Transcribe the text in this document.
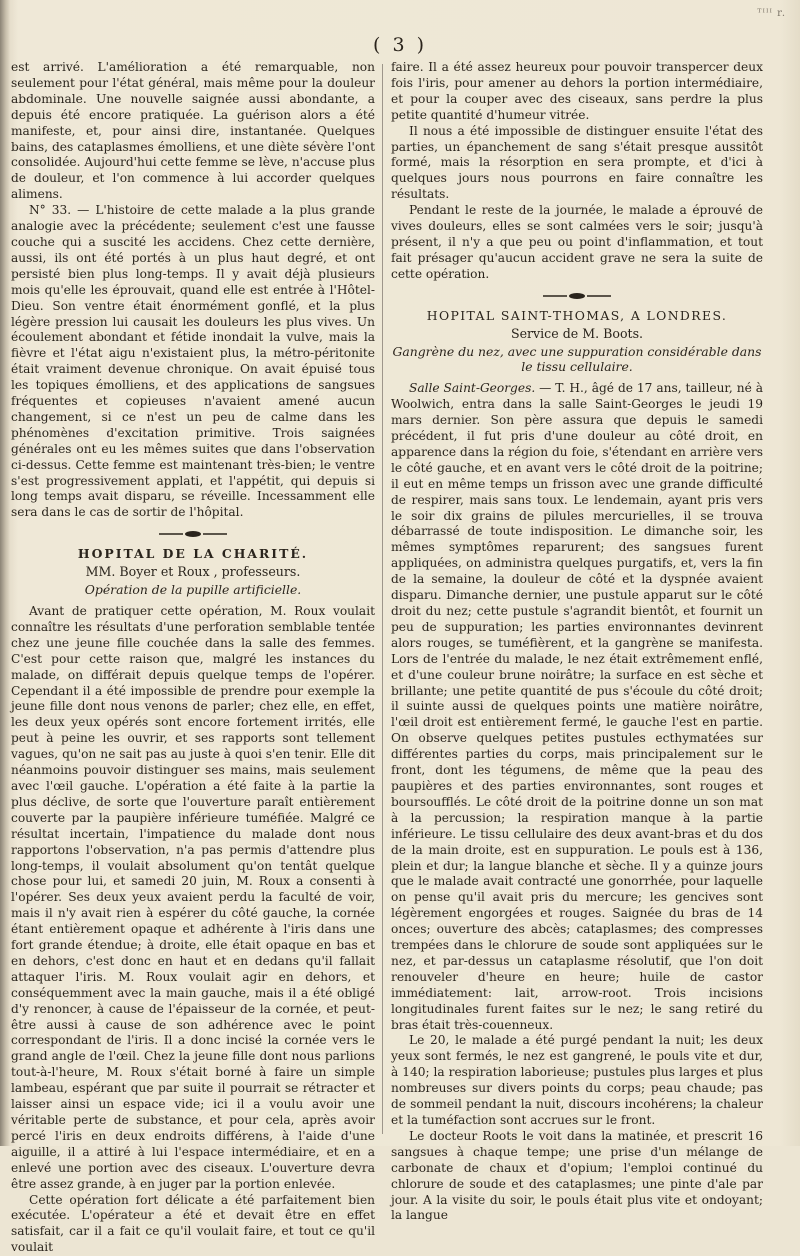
ᵀᴵᴵᴵ r.
( 3 )

est arrivé. L'amélioration a été remarquable, non seulement pour l'état général, mais même pour la douleur abdominale. Une nouvelle saignée aussi abondante, a depuis été encore pratiquée. La guérison alors a été manifeste, et, pour ainsi dire, instantanée. Quelques bains, des cataplasmes émolliens, et une diète sévère l'ont consolidée. Aujourd'hui cette femme se lève, n'accuse plus de douleur, et l'on commence à lui accorder quelques alimens.

N° 33. — L'histoire de cette malade a la plus grande analogie avec la précédente; seulement c'est une fausse couche qui a suscité les accidens. Chez cette dernière, aussi, ils ont été portés à un plus haut degré, et ont persisté bien plus long-temps. Il y avait déjà plusieurs mois qu'elle les éprouvait, quand elle est entrée à l'Hôtel-Dieu. Son ventre était énormément gonflé, et la plus légère pression lui causait les douleurs les plus vives. Un écoulement abondant et fétide inondait la vulve, mais la fièvre et l'état aigu n'existaient plus, la métro-péritonite était vraiment devenue chronique. On avait épuisé tous les topiques émolliens, et des applications de sangsues fréquentes et copieuses n'avaient amené aucun changement, si ce n'est un peu de calme dans les phénomènes d'excitation primitive. Trois saignées générales ont eu les mêmes suites que dans l'observation ci-dessus. Cette femme est maintenant très-bien; le ventre s'est progressivement applati, et l'appétit, qui depuis si long temps avait disparu, se réveille. Incessamment elle sera dans le cas de sortir de l'hôpital.

HOPITAL DE LA CHARITÉ.
MM. Boyer et Roux , professeurs.
Opération de la pupille artificielle.

Avant de pratiquer cette opération, M. Roux voulait connaître les résultats d'une perforation semblable tentée chez une jeune fille couchée dans la salle des femmes. C'est pour cette raison que, malgré les instances du malade, on différait depuis quelque temps de l'opérer. Cependant il a été impossible de prendre pour exemple la jeune fille dont nous venons de parler; chez elle, en effet, les deux yeux opérés sont encore fortement irrités, elle peut à peine les ouvrir, et ses rapports sont tellement vagues, qu'on ne sait pas au juste à quoi s'en tenir. Elle dit néanmoins pouvoir distinguer ses mains, mais seulement avec l'œil gauche. L'opération a été faite à la partie la plus déclive, de sorte que l'ouverture paraît entièrement couverte par la paupière inférieure tuméfiée. Malgré ce résultat incertain, l'impatience du malade dont nous rapportons l'observation, n'a pas permis d'attendre plus long-temps, il voulait absolument qu'on tentât quelque chose pour lui, et samedi 20 juin, M. Roux a consenti à l'opérer. Ses deux yeux avaient perdu la faculté de voir, mais il n'y avait rien à espérer du côté gauche, la cornée étant entièrement opaque et adhérente à l'iris dans une fort grande étendue; à droite, elle était opaque en bas et en dehors, c'est donc en haut et en dedans qu'il fallait attaquer l'iris. M. Roux voulait agir en dehors, et conséquemment avec la main gauche, mais il a été obligé d'y renoncer, à cause de l'épaisseur de la cornée, et peut-être aussi à cause de son adhérence avec le point correspondant de l'iris. Il a donc incisé la cornée vers le grand angle de l'œil. Chez la jeune fille dont nous parlions tout-à-l'heure, M. Roux s'était borné à faire un simple lambeau, espérant que par suite il pourrait se rétracter et laisser ainsi un espace vide; ici il a voulu avoir une véritable perte de substance, et pour cela, après avoir percé l'iris en deux endroits différens, à l'aide d'une aiguille, il a attiré à lui l'espace intermédiaire, et en a enlevé une portion avec des ciseaux. L'ouverture devra être assez grande, à en juger par la portion enlevée.

Cette opération fort délicate a été parfaitement bien exécutée. L'opérateur a été et devait être en effet satisfait, car il a fait ce qu'il voulait faire, et tout ce qu'il voulait

faire. Il a été assez heureux pour pouvoir transpercer deux fois l'iris, pour amener au dehors la portion intermédiaire, et pour la couper avec des ciseaux, sans perdre la plus petite quantité d'humeur vitrée.

Il nous a été impossible de distinguer ensuite l'état des parties, un épanchement de sang s'était presque aussitôt formé, mais la résorption en sera prompte, et d'ici à quelques jours nous pourrons en faire connaître les résultats.

Pendant le reste de la journée, le malade a éprouvé de vives douleurs, elles se sont calmées vers le soir; jusqu'à présent, il n'y a que peu ou point d'inflammation, et tout fait présager qu'aucun accident grave ne sera la suite de cette opération.

HOPITAL SAINT-THOMAS, A LONDRES.
Service de M. Boots.
Gangrène du nez, avec une suppuration considérable dans le tissu cellulaire.

Salle Saint-Georges. — T. H., âgé de 17 ans, tailleur, né à Woolwich, entra dans la salle Saint-Georges le jeudi 19 mars dernier. Son père assura que depuis le samedi précédent, il fut pris d'une douleur au côté droit, en apparence dans la région du foie, s'étendant en arrière vers le côté gauche, et en avant vers le côté droit de la poitrine; il eut en même temps un frisson avec une grande difficulté de respirer, mais sans toux. Le lendemain, ayant pris vers le soir dix grains de pilules mercurielles, il se trouva débarrassé de toute indisposition. Le dimanche soir, les mêmes symptômes reparurent; des sangsues furent appliquées, on administra quelques purgatifs, et, vers la fin de la semaine, la douleur de côté et la dyspnée avaient disparu. Dimanche dernier, une pustule apparut sur le côté droit du nez; cette pustule s'agrandit bientôt, et fournit un peu de suppuration; les parties environnantes devinrent alors rouges, se tuméfièrent, et la gangrène se manifesta. Lors de l'entrée du malade, le nez était extrêmement enflé, et d'une couleur brune noirâtre; la surface en est sèche et brillante; une petite quantité de pus s'écoule du côté droit; il suinte aussi de quelques points une matière noirâtre, l'œil droit est entièrement fermé, le gauche l'est en partie. On observe quelques petites pustules ecthymatées sur différentes parties du corps, mais principalement sur le front, dont les tégumens, de même que la peau des paupières et des parties environnantes, sont rouges et boursoufflés. Le côté droit de la poitrine donne un son mat à la percussion; la respiration manque à la partie inférieure. Le tissu cellulaire des deux avant-bras et du dos de la main droite, est en suppuration. Le pouls est à 136, plein et dur; la langue blanche et sèche. Il y a quinze jours que le malade avait contracté une gonorrhée, pour laquelle on pense qu'il avait pris du mercure; les gencives sont légèrement engorgées et rouges. Saignée du bras de 14 onces; ouverture des abcès; cataplasmes; des compresses trempées dans le chlorure de soude sont appliquées sur le nez, et par-dessus un cataplasme résolutif, que l'on doit renouveler d'heure en heure; huile de castor immédiatement: lait, arrow-root. Trois incisions longitudinales furent faites sur le nez; le sang retiré du bras était très-couenneux.

Le 20, le malade a été purgé pendant la nuit; les deux yeux sont fermés, le nez est gangrené, le pouls vite et dur, à 140; la respiration laborieuse; pustules plus larges et plus nombreuses sur divers points du corps; peau chaude; pas de sommeil pendant la nuit, discours incohérens; la chaleur et la tuméfaction sont accrues sur le front.

Le docteur Roots le voit dans la matinée, et prescrit 16 sangsues à chaque tempe; une prise d'un mélange de carbonate de chaux et d'opium; l'emploi continué du chlorure de soude et des cataplasmes; une pinte d'ale par jour. A la visite du soir, le pouls était plus vite et ondoyant; la langue
